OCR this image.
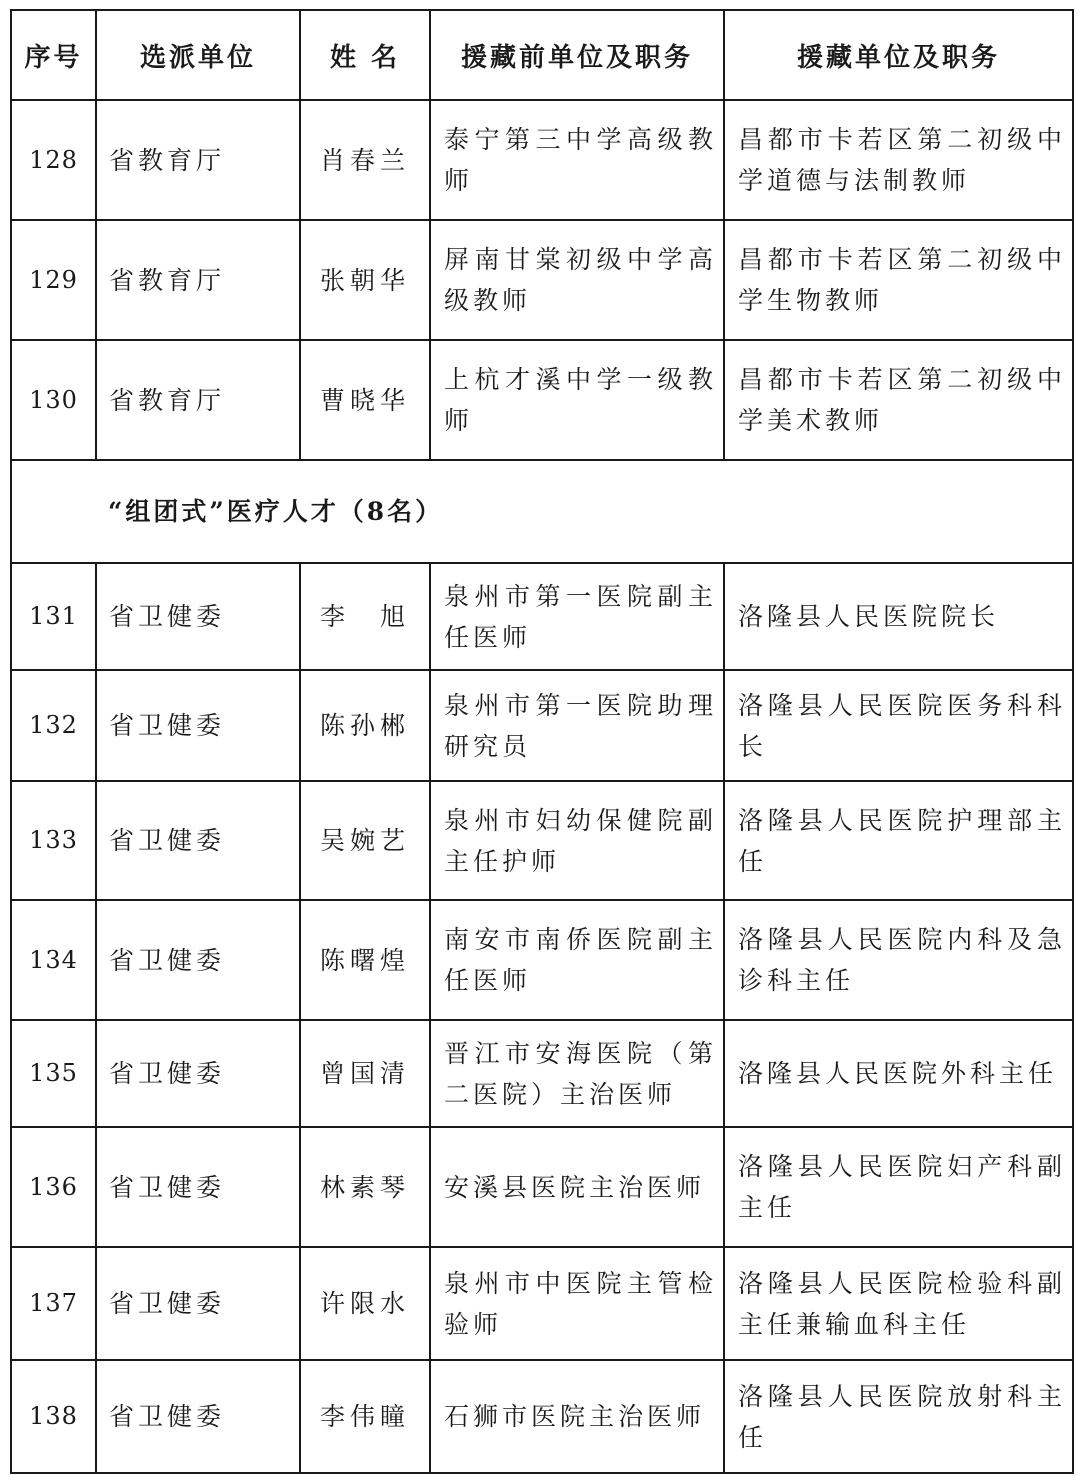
序号	选派单位	姓 名	援藏前单位及职务	援藏单位及职务
128	省教育厅	肖春兰	泰宁第三中学高级教师	昌都市卡若区第二初级中学道德与法制教师
129	省教育厅	张朝华	屏南甘棠初级中学高级教师	昌都市卡若区第二初级中学生物教师
130	省教育厅	曹晓华	上杭才溪中学一级教师	昌都市卡若区第二初级中学美术教师
“组团式”医疗人才（8名）				
131	省卫健委	李　旭	泉州市第一医院副主任医师	洛隆县人民医院院长
132	省卫健委	陈孙郴	泉州市第一医院助理研究员	洛隆县人民医院医务科科长
133	省卫健委	吴婉艺	泉州市妇幼保健院副主任护师	洛隆县人民医院护理部主任
134	省卫健委	陈曙煌	南安市南侨医院副主任医师	洛隆县人民医院内科及急诊科主任
135	省卫健委	曾国清	晋江市安海医院（第二医院）主治医师	洛隆县人民医院外科主任
136	省卫健委	林素琴	安溪县医院主治医师	洛隆县人民医院妇产科副主任
137	省卫健委	许限水	泉州市中医院主管检验师	洛隆县人民医院检验科副主任兼输血科主任
138	省卫健委	李伟瞳	石狮市医院主治医师	洛隆县人民医院放射科主任
